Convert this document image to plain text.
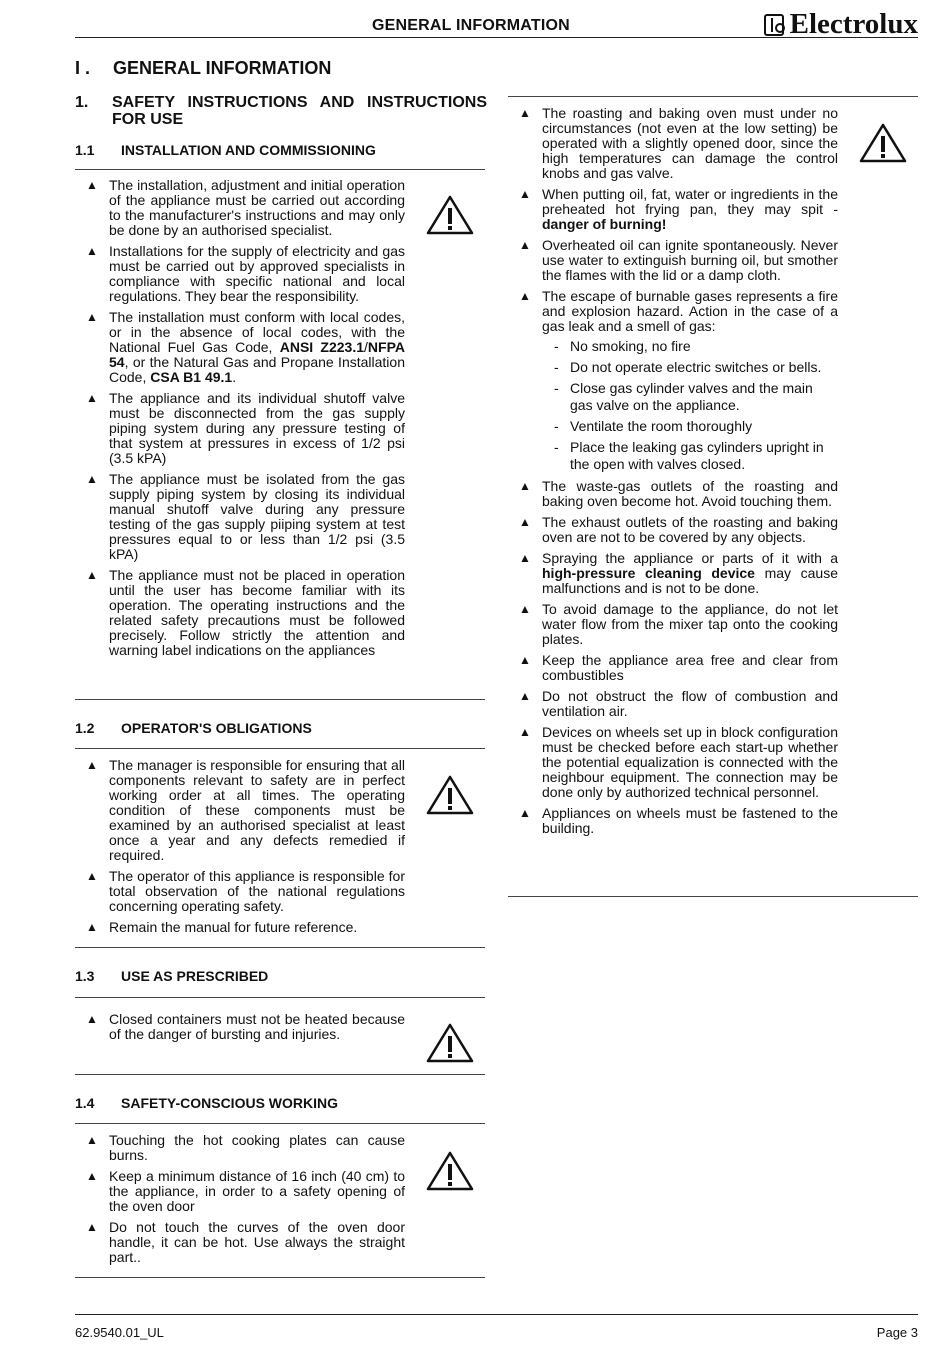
GENERAL INFORMATION	Electrolux
I . GENERAL INFORMATION
1. SAFETY INSTRUCTIONS AND INSTRUCTIONS FOR USE
1.1 INSTALLATION AND COMMISSIONING
▲ The installation, adjustment and initial operation of the appliance must be carried out according to the manufacturer's instructions and may only be done by an authorised specialist.
▲ Installations for the supply of electricity and gas must be carried out by approved specialists in compliance with specific national and local regulations. They bear the responsibility.
▲ The installation must conform with local codes, or in the absence of local codes, with the National Fuel Gas Code, ANSI Z223.1/NFPA 54, or the Natural Gas and Propane Installation Code, CSA B1 49.1.
▲ The appliance and its individual shutoff valve must be disconnected from the gas supply piping system during any pressure testing of that system at pressures in excess of 1/2 psi (3.5 kPA)
▲ The appliance must be isolated from the gas supply piping system by closing its individual manual shutoff valve during any pressure testing of the gas supply piiping system at test pressures equal to or less than 1/2 psi (3.5 kPA)
▲ The appliance must not be placed in operation until the user has become familiar with its operation. The operating instructions and the related safety precautions must be followed precisely. Follow strictly the attention and warning label indications on the appliances
1.2 OPERATOR'S OBLIGATIONS
▲ The manager is responsible for ensuring that all components relevant to safety are in perfect working order at all times. The operating condition of these components must be examined by an authorised specialist at least once a year and any defects remedied if required.
▲ The operator of this appliance is responsible for total observation of the national regulations concerning operating safety.
▲ Remain the manual for future reference.
1.3 USE AS PRESCRIBED
▲ Closed containers must not be heated because of the danger of bursting and injuries.
1.4 SAFETY-CONSCIOUS WORKING
▲ Touching the hot cooking plates can cause burns.
▲ Keep a minimum distance of 16 inch (40 cm) to the appliance, in order to a safety opening of the oven door
▲ Do not touch the curves of the oven door handle, it can be hot. Use always the straight part..
▲ The roasting and baking oven must under no circumstances (not even at the low setting) be operated with a slightly opened door, since the high temperatures can damage the control knobs and gas valve.
▲ When putting oil, fat, water or ingredients in the preheated hot frying pan, they may spit - danger of burning!
▲ Overheated oil can ignite spontaneously. Never use water to extinguish burning oil, but smother the flames with the lid or a damp cloth.
▲ The escape of burnable gases represents a fire and explosion hazard. Action in the case of a gas leak and a smell of gas:
- No smoking, no fire
- Do not operate electric switches or bells.
- Close gas cylinder valves and the main gas valve on the appliance.
- Ventilate the room thoroughly
- Place the leaking gas cylinders upright in the open with valves closed.
▲ The waste-gas outlets of the roasting and baking oven become hot. Avoid touching them.
▲ The exhaust outlets of the roasting and baking oven are not to be covered by any objects.
▲ Spraying the appliance or parts of it with a high-pressure cleaning device may cause malfunctions and is not to be done.
▲ To avoid damage to the appliance, do not let water flow from the mixer tap onto the cooking plates.
▲ Keep the appliance area free and clear from combustibles
▲ Do not obstruct the flow of combustion and ventilation air.
▲ Devices on wheels set up in block configuration must be checked before each start-up whether the potential equalization is connected with the neighbour equipment. The connection may be done only by authorized technical personnel.
▲ Appliances on wheels must be fastened to the building.
62.9540.01_UL	Page 3
